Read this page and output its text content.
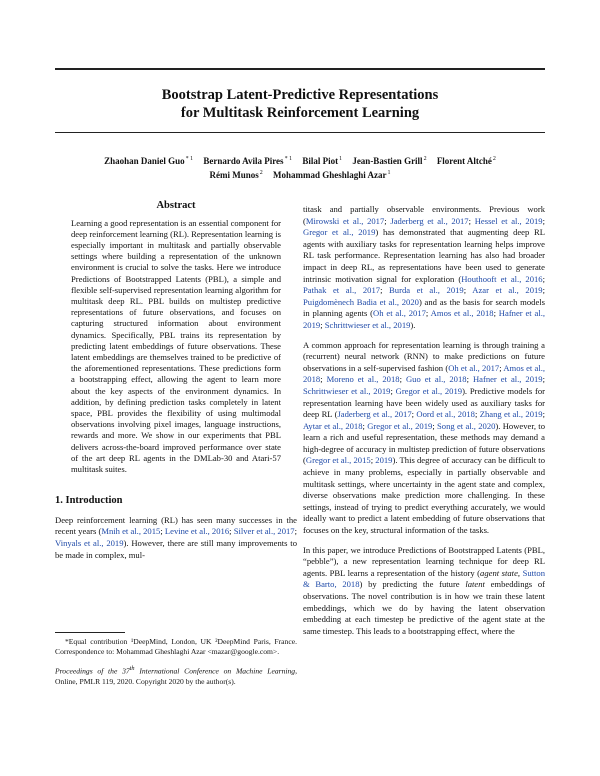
Bootstrap Latent-Predictive Representations
for Multitask Reinforcement Learning
Zhaohan Daniel Guo$^{* 1}$ Bernardo Avila Pires$^{* 1}$ Bilal Piot$^1$ Jean-Bastien Grill$^2$ Florent Altché$^2$
Rémi Munos$^2$ Mohammad Gheshlaghi Azar$^1$
Abstract
Learning a good representation is an essential component for deep reinforcement learning (RL). Representation learning is especially important in multitask and partially observable settings where building a representation of the unknown environment is crucial to solve the tasks. Here we introduce Predictions of Bootstrapped Latents (PBL), a simple and flexible self-supervised representation learning algorithm for multitask deep RL. PBL builds on multistep predictive representations of future observations, and focuses on capturing structured information about environment dynamics. Specifically, PBL trains its representation by predicting latent embeddings of future observations. These latent embeddings are themselves trained to be predictive of the aforementioned representations. These predictions form a bootstrapping effect, allowing the agent to learn more about the key aspects of the environment dynamics. In addition, by defining prediction tasks completely in latent space, PBL provides the flexibility of using multimodal observations involving pixel images, language instructions, rewards and more. We show in our experiments that PBL delivers across-the-board improved performance over state of the art deep RL agents in the DMLab-30 and Atari-57 multitask suites.
1. Introduction

Deep reinforcement learning (RL) has seen many successes in the recent years (Mnih et al., 2015; Levine et al., 2016; Silver et al., 2017; Vinyals et al., 2019). However, there are still many improvements to be made in complex, mul-

*Equal contribution ¹DeepMind, London, UK ²DeepMind Paris, France. Correspondence to: Mohammad Gheshlaghi Azar <mazar@google.com>.
Proceedings of the 37th International Conference on Machine Learning, Online, PMLR 119, 2020. Copyright 2020 by the author(s).

titask and partially observable environments. Previous work (Mirowski et al., 2017; Jaderberg et al., 2017; Hessel et al., 2019; Gregor et al., 2019) has demonstrated that augmenting deep RL agents with auxiliary tasks for representation learning helps improve RL task performance. Representation learning has also had broader impact in deep RL, as representations have been used to generate intrinsic motivation signal for exploration (Houthooft et al., 2016; Pathak et al., 2017; Burda et al., 2019; Azar et al., 2019; Puigdomènech Badia et al., 2020) and as the basis for search models in planning agents (Oh et al., 2017; Amos et al., 2018; Hafner et al., 2019; Schrittwieser et al., 2019).

A common approach for representation learning is through training a (recurrent) neural network (RNN) to make predictions on future observations in a self-supervised fashion (Oh et al., 2017; Amos et al., 2018; Moreno et al., 2018; Guo et al., 2018; Hafner et al., 2019; Schrittwieser et al., 2019; Gregor et al., 2019). Predictive models for representation learning have been widely used as auxiliary tasks for deep RL (Jaderberg et al., 2017; Oord et al., 2018; Zhang et al., 2019; Aytar et al., 2018; Gregor et al., 2019; Song et al., 2020). However, to learn a rich and useful representation, these methods may demand a high-degree of accuracy in multistep prediction of future observations (Gregor et al., 2015; 2019). This degree of accuracy can be difficult to achieve in many problems, especially in partially observable and multitask settings, where uncertainty in the agent state and complex, diverse observations make prediction more challenging. In these settings, instead of trying to predict everything accurately, we would ideally want to predict a latent embedding of future observations that focuses on the key, structural information of the tasks.

In this paper, we introduce Predictions of Bootstrapped Latents (PBL, “pebble”), a new representation learning technique for deep RL agents. PBL learns a representation of the history (agent state, Sutton & Barto, 2018) by predicting the future latent embeddings of observations. The novel contribution is in how we train these latent embeddings, which we do by having the latent observation embedding at each timestep be predictive of the agent state at the same timestep. This leads to a bootstrapping effect, where the
